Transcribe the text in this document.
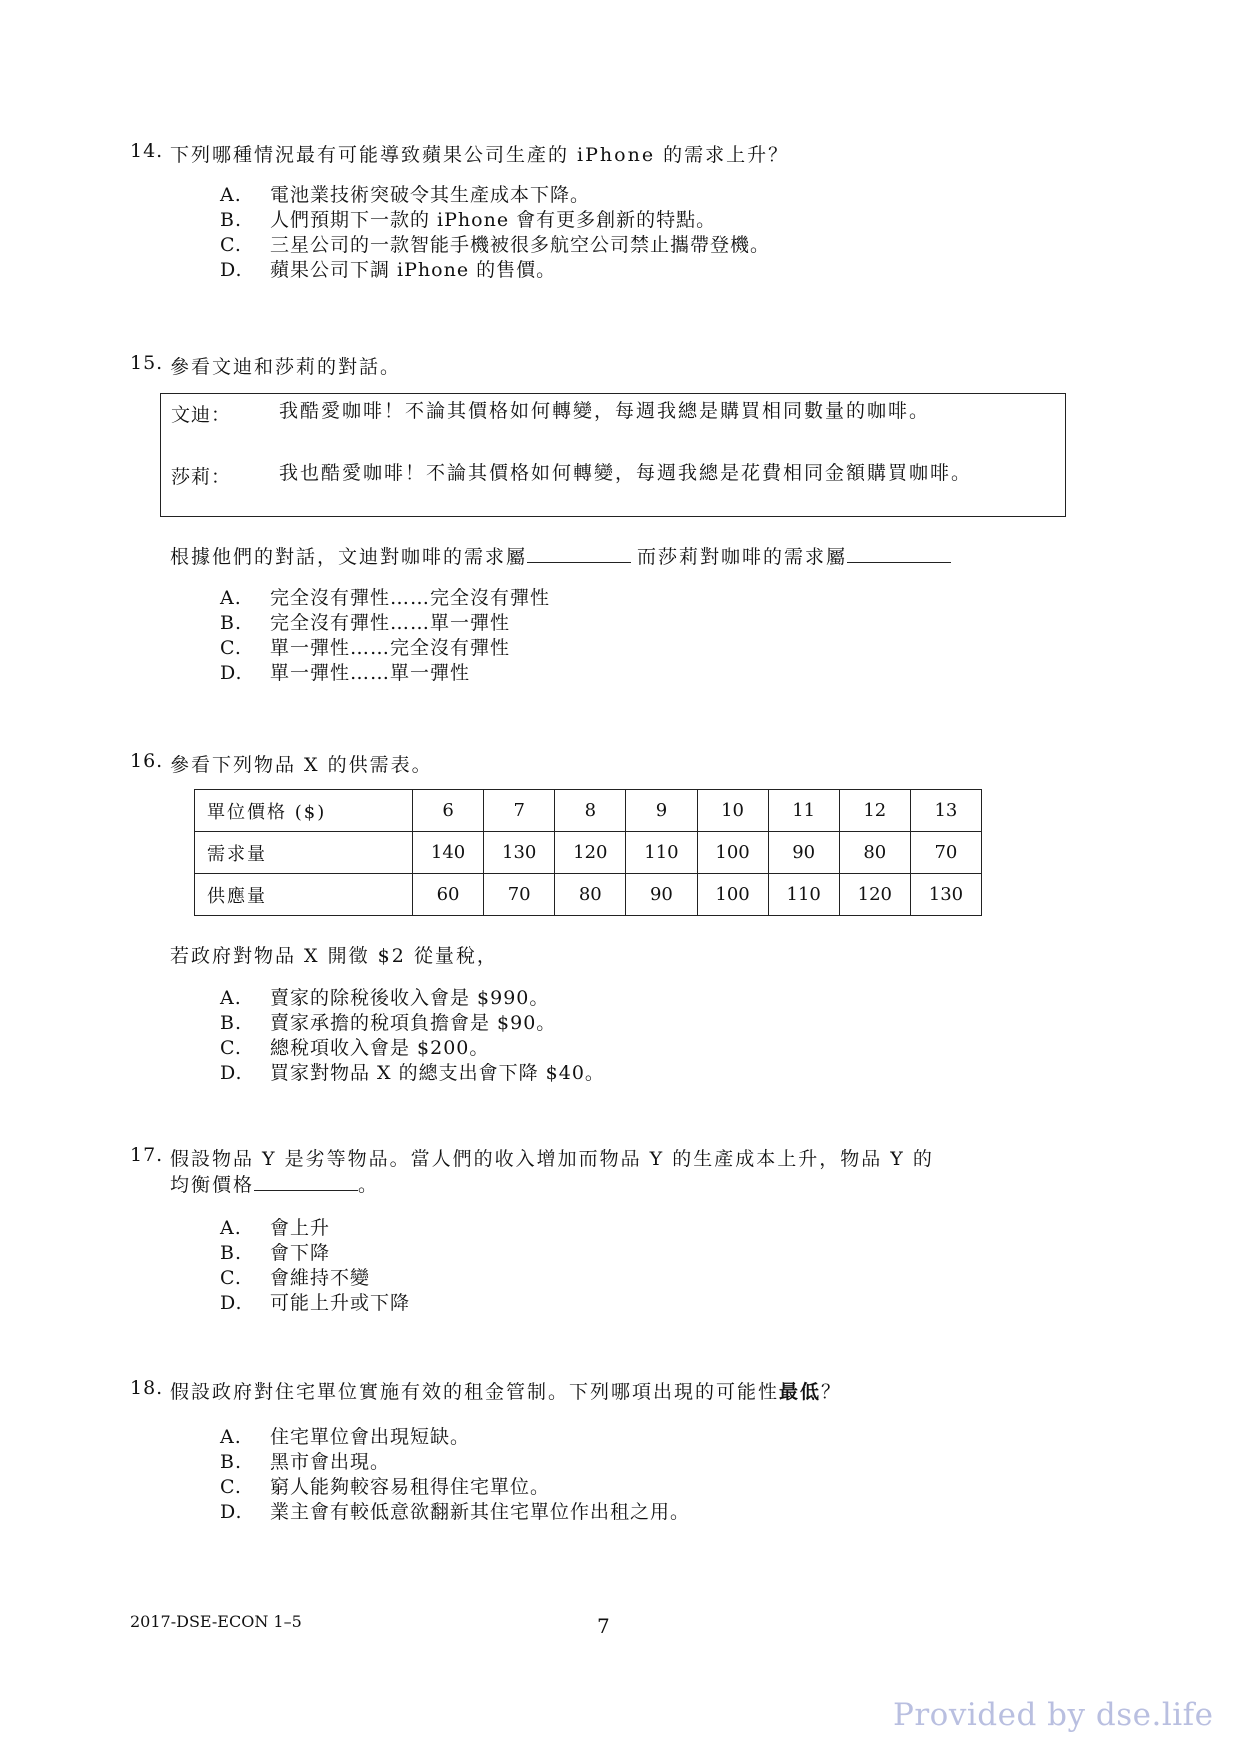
14. 下列哪種情況最有可能導致蘋果公司生產的 iPhone 的需求上升？
A. 電池業技術突破令其生產成本下降。
B. 人們預期下一款的 iPhone 會有更多創新的特點。
C. 三星公司的一款智能手機被很多航空公司禁止攜帶登機。
D. 蘋果公司下調 iPhone 的售價。
15. 參看文迪和莎莉的對話。
文迪：	我酷愛咖啡！不論其價格如何轉變，每週我總是購買相同數量的咖啡。
莎莉：	我也酷愛咖啡！不論其價格如何轉變，每週我總是花費相同金額購買咖啡。
根據他們的對話，文迪對咖啡的需求屬	而莎莉對咖啡的需求屬
A. 完全沒有彈性……完全沒有彈性
B. 完全沒有彈性……單一彈性
C. 單一彈性……完全沒有彈性
D. 單一彈性……單一彈性
16. 參看下列物品 X 的供需表。
單位價格 ($)	6	7	8	9	10	11	12	13
需求量	140	130	120	110	100	90	80	70
供應量	60	70	80	90	100	110	120	130
若政府對物品 X 開徵 $2 從量稅，
A. 賣家的除稅後收入會是 $990。
B. 賣家承擔的稅項負擔會是 $90。
C. 總稅項收入會是 $200。
D. 買家對物品 X 的總支出會下降 $40。
17. 假設物品 Y 是劣等物品。當人們的收入增加而物品 Y 的生產成本上升，物品 Y 的
均衡價格	。
A. 會上升
B. 會下降
C. 會維持不變
D. 可能上升或下降
18. 假設政府對住宅單位實施有效的租金管制。下列哪項出現的可能性最低？
A. 住宅單位會出現短缺。
B. 黑市會出現。
C. 窮人能夠較容易租得住宅單位。
D. 業主會有較低意欲翻新其住宅單位作出租之用。
2017-DSE-ECON 1–5	7
Provided by dse.life
